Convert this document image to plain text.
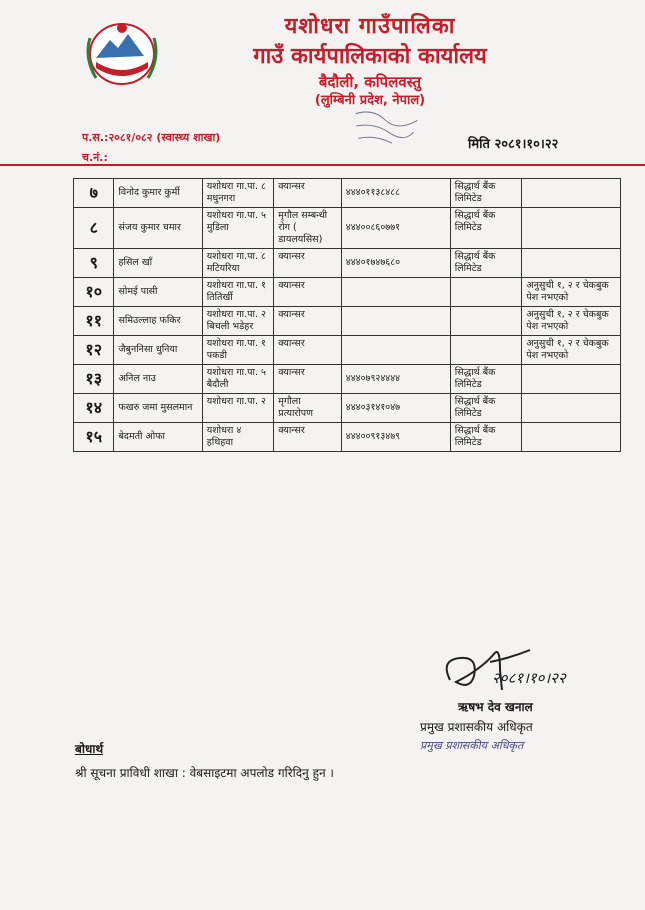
यशोधरा गाउँपालिका
गाउँ कार्यपालिकाको कार्यालय
बैदौली, कपिलवस्तु
(लुम्बिनी प्रदेश, नेपाल)
प.स.:२०८१/०८२ (स्वास्थ्य शाखा)
च.नं.:
मिति २०८१।१०।२२
७	विनोद कुमार कुर्मी	यशोधरा गा.पा. ८ मधुनगरा	क्यान्सर	४४४०११३८४८८	सिद्धार्थ बैंक लिमिटेड	
८	संजय कुमार चमार	यशोधरा गा.पा. ५ मुडिला	मृगौल सम्बन्धी रोग ( डायलयसिस)	४४४००८६०७७१	सिद्धार्थ बैंक लिमिटेड	
९	हसिल खाँ	यशोधरा गा.पा. ८ मटियरिया	क्यान्सर	४४४०१७४७६८०	सिद्धार्थ बैंक लिमिटेड	
१०	सोमई पासी	यशोधरा गा.पा. १ तितिर्खी	क्यान्सर			अनुसुची १, २ र चेकबुक पेश नभएको
११	समिउल्लाह फकिर	यशोधरा गा.पा. २ बिचली भडेहर	क्यान्सर			अनुसुची १, २ र चेकबुक पेश नभएको
१२	जैबुननिसा धुनिया	यशोधरा गा.पा. १ पकडी	क्यान्सर			अनुसुची १, २ र चेकबुक पेश नभएको
१३	अनिल नाउ	यशोधरा गा.पा. ५ बैदौली	क्यान्सर	४४४०७९२४४४४	सिद्धार्थ बैंक लिमिटेड	
१४	फखरु जमा मुसलमान	यशोधरा गा.पा. २	मृगौला प्रत्यारोपण	४४४०३१४१०४७	सिद्धार्थ बैंक लिमिटेड	
१५	बेदमती ओफा	यशोधरा ४ हथिहवा	क्यान्सर	४४४००९१३४७९	सिद्धार्थ बैंक लिमिटेड	
२०८१।१०।२२
ऋषभ देव खनाल
प्रमुख प्रशासकीय अधिकृत
प्रमुख प्रशासकीय अधिकृत
बोधार्थ
श्री सूचना प्राविधी शाखा : वेबसाइटमा अपलोड गरिदिनु हुन ।
